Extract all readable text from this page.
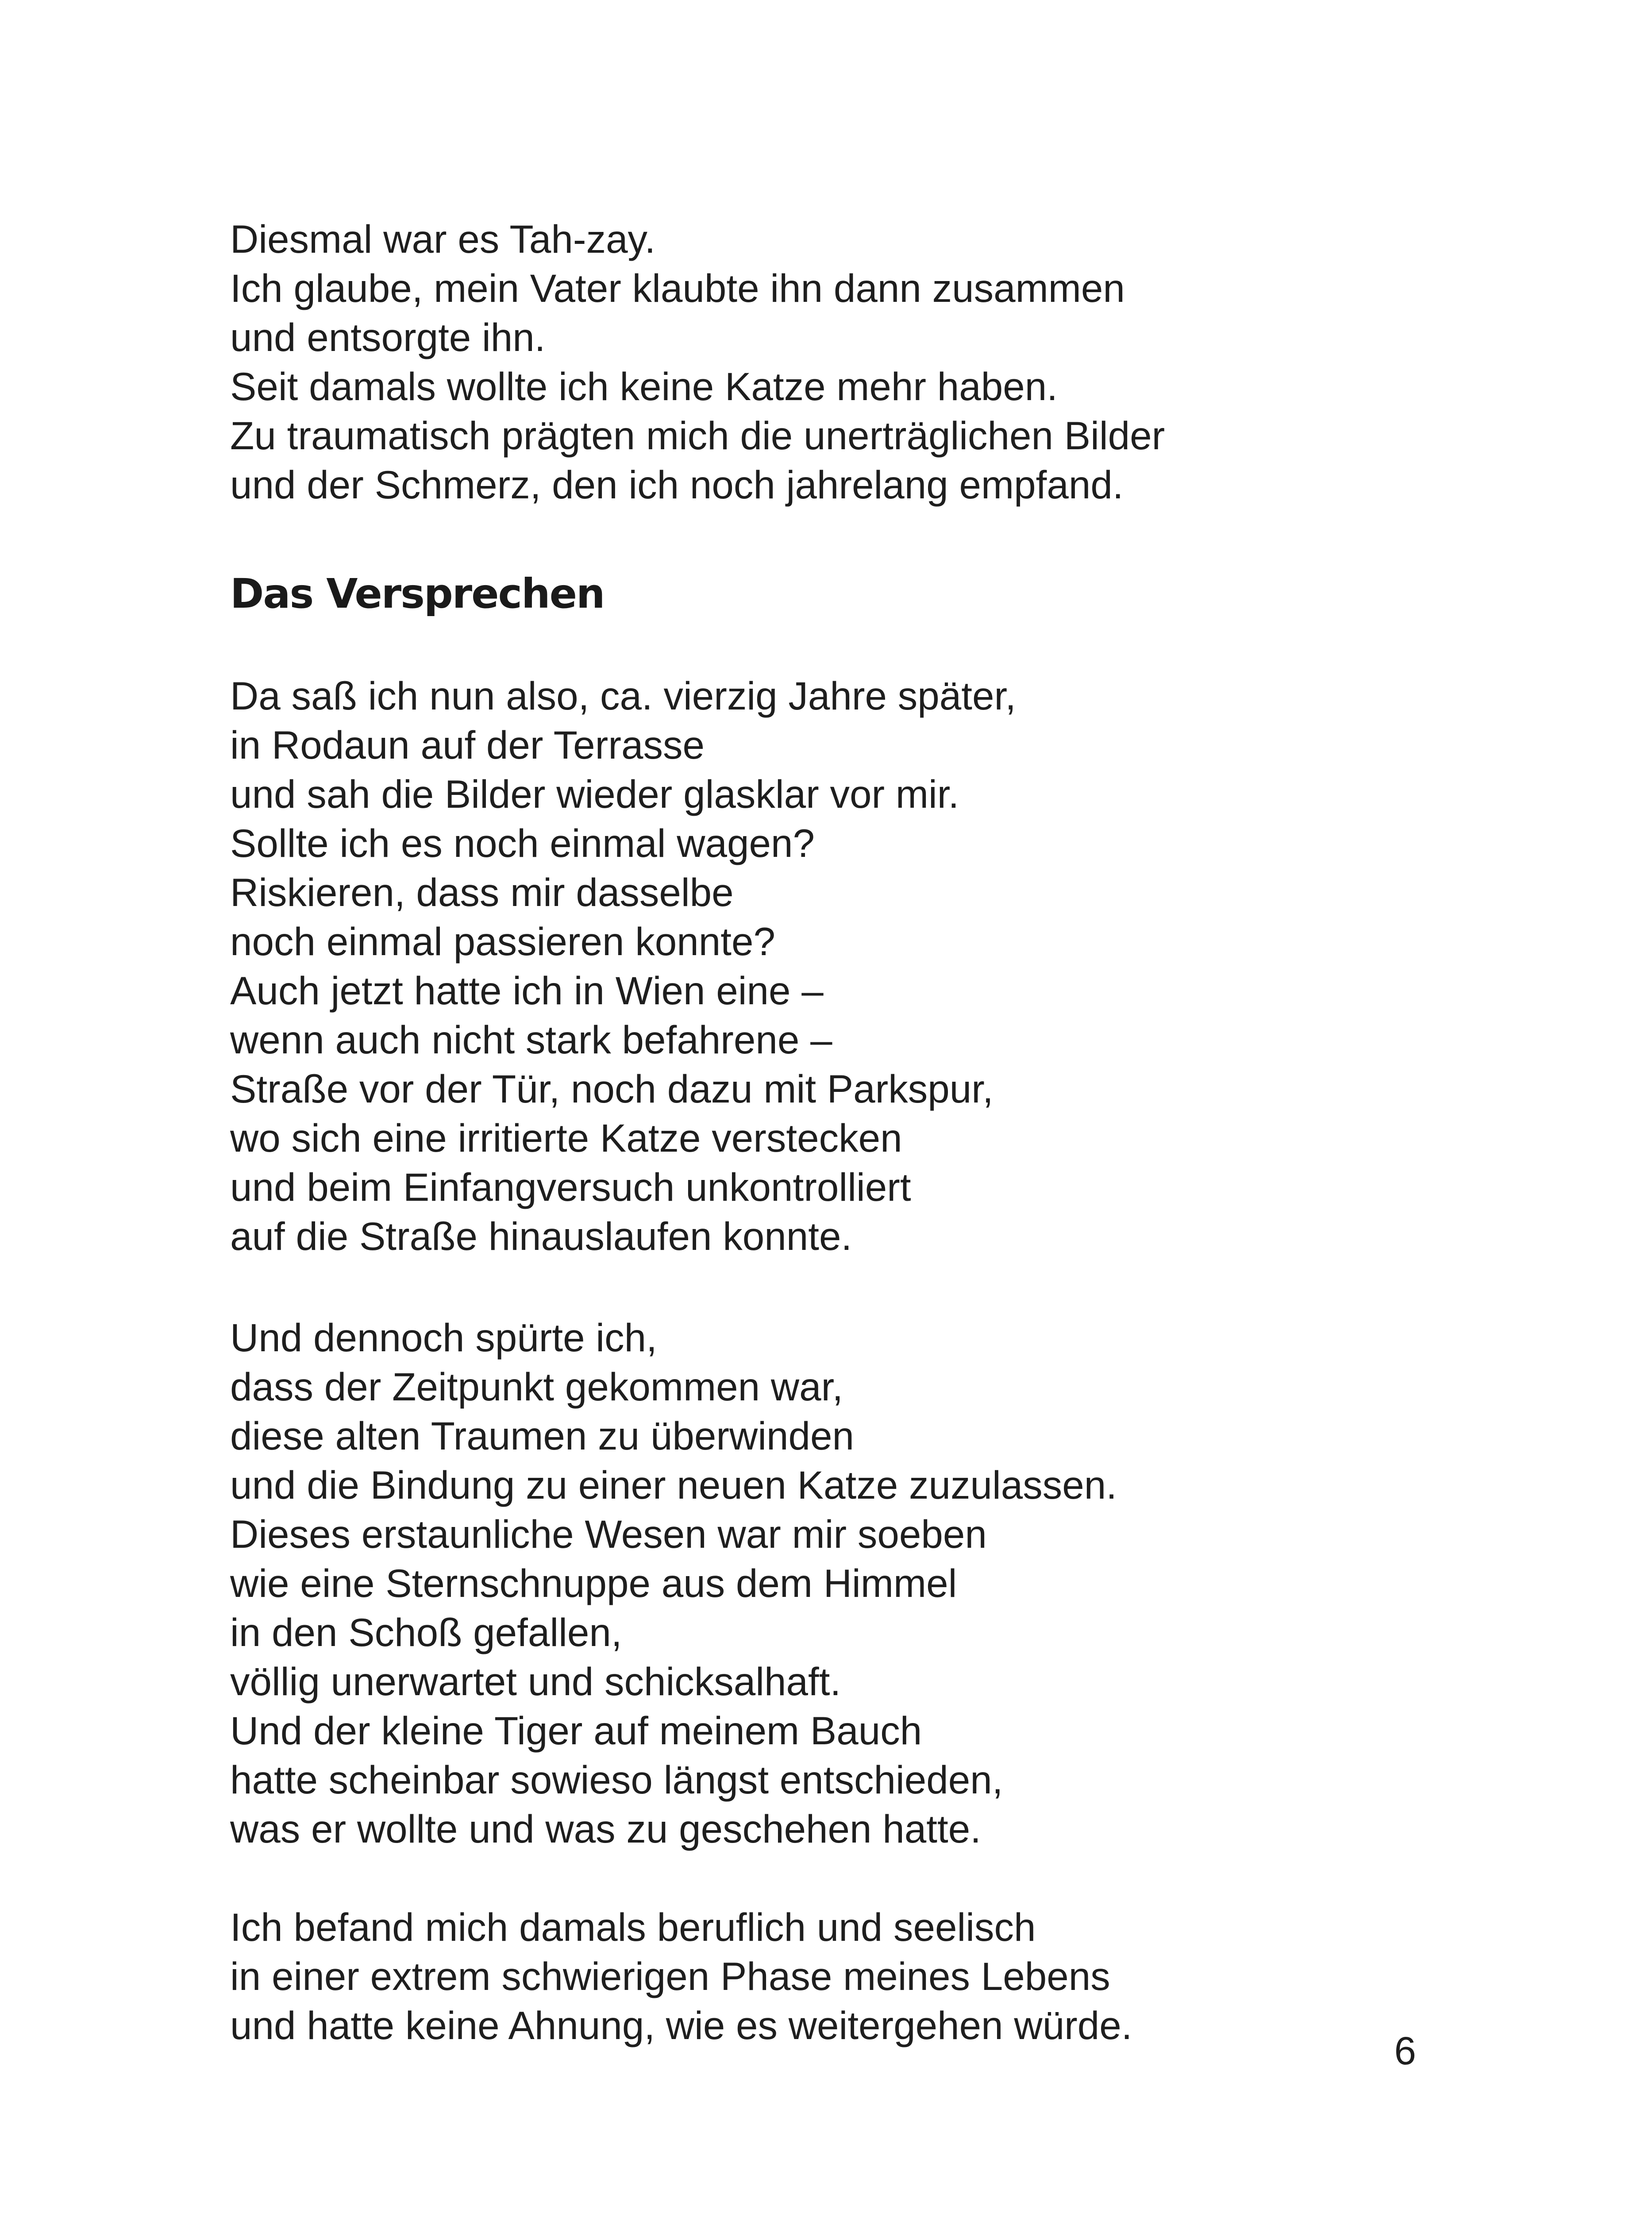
Diesmal war es Tah-zay.
Ich glaube, mein Vater klaubte ihn dann zusammen
und entsorgte ihn.
Seit damals wollte ich keine Katze mehr haben.
Zu traumatisch prägten mich die unerträglichen Bilder
und der Schmerz, den ich noch jahrelang empfand.
Das Versprechen
Da saß ich nun also, ca. vierzig Jahre später,
in Rodaun auf der Terrasse
und sah die Bilder wieder glasklar vor mir.
Sollte ich es noch einmal wagen?
Riskieren, dass mir dasselbe
noch einmal passieren konnte?
Auch jetzt hatte ich in Wien eine –
wenn auch nicht stark befahrene –
Straße vor der Tür, noch dazu mit Parkspur,
wo sich eine irritierte Katze verstecken
und beim Einfangversuch unkontrolliert
auf die Straße hinauslaufen konnte.
Und dennoch spürte ich,
dass der Zeitpunkt gekommen war,
diese alten Traumen zu überwinden
und die Bindung zu einer neuen Katze zuzulassen.
Dieses erstaunliche Wesen war mir soeben
wie eine Sternschnuppe aus dem Himmel
in den Schoß gefallen,
völlig unerwartet und schicksalhaft.
Und der kleine Tiger auf meinem Bauch
hatte scheinbar sowieso längst entschieden,
was er wollte und was zu geschehen hatte.
Ich befand mich damals beruflich und seelisch
in einer extrem schwierigen Phase meines Lebens
und hatte keine Ahnung, wie es weitergehen würde.
6
